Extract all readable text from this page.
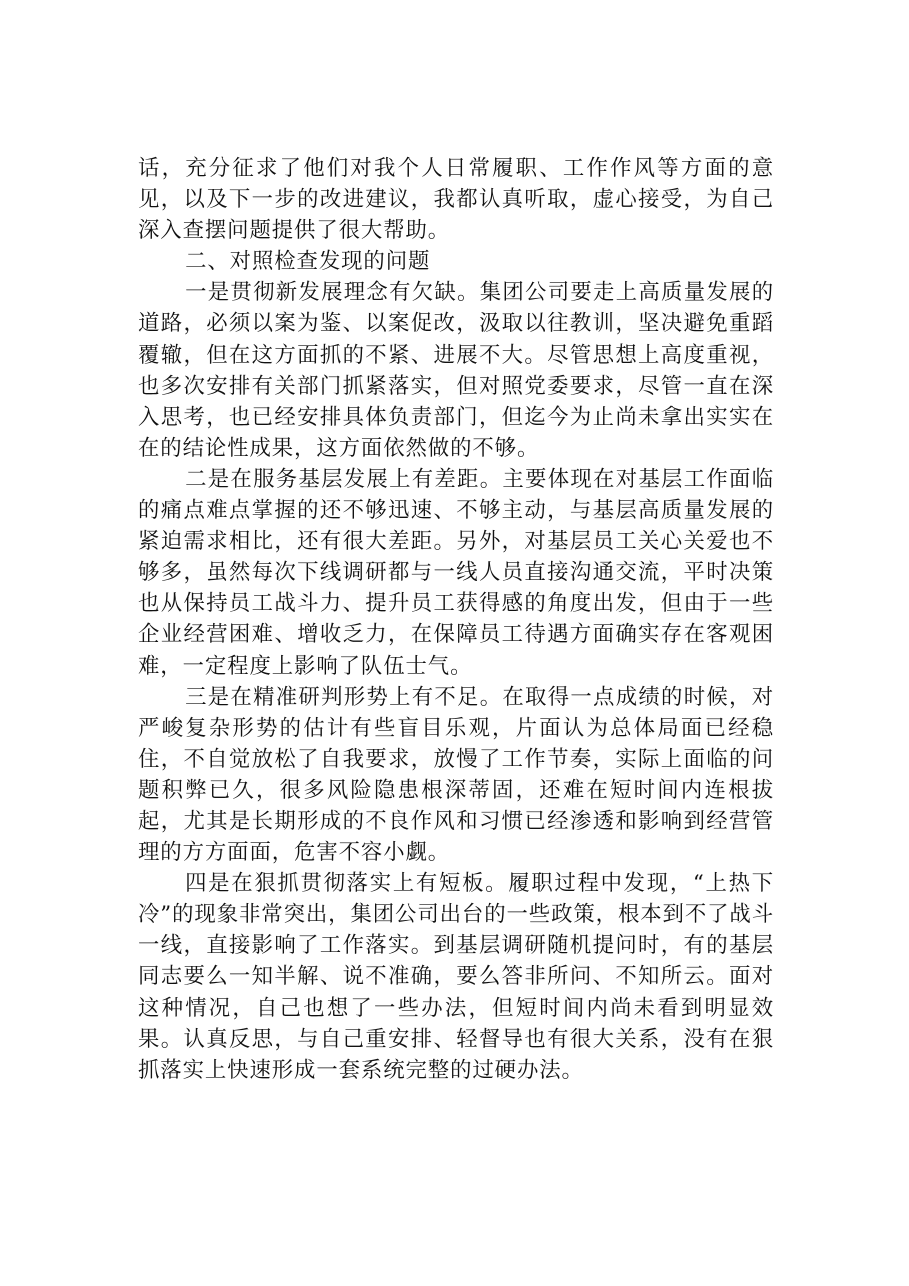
话，充分征求了他们对我个人日常履职、工作作风等方面的意见，以及下一步的改进建议，我都认真听取，虚心接受，为自己深入查摆问题提供了很大帮助。

二、对照检查发现的问题

一是贯彻新发展理念有欠缺。集团公司要走上高质量发展的道路，必须以案为鉴、以案促改，汲取以往教训，坚决避免重蹈覆辙，但在这方面抓的不紧、进展不大。尽管思想上高度重视，也多次安排有关部门抓紧落实，但对照党委要求，尽管一直在深入思考，也已经安排具体负责部门，但迄今为止尚未拿出实实在在的结论性成果，这方面依然做的不够。

二是在服务基层发展上有差距。主要体现在对基层工作面临的痛点难点掌握的还不够迅速、不够主动，与基层高质量发展的紧迫需求相比，还有很大差距。另外，对基层员工关心关爱也不够多，虽然每次下线调研都与一线人员直接沟通交流，平时决策也从保持员工战斗力、提升员工获得感的角度出发，但由于一些企业经营困难、增收乏力，在保障员工待遇方面确实存在客观困难，一定程度上影响了队伍士气。

三是在精准研判形势上有不足。在取得一点成绩的时候，对严峻复杂形势的估计有些盲目乐观，片面认为总体局面已经稳住，不自觉放松了自我要求，放慢了工作节奏，实际上面临的问题积弊已久，很多风险隐患根深蒂固，还难在短时间内连根拔起，尤其是长期形成的不良作风和习惯已经渗透和影响到经营管理的方方面面，危害不容小觑。

四是在狠抓贯彻落实上有短板。履职过程中发现，“上热下冷”的现象非常突出，集团公司出台的一些政策，根本到不了战斗一线，直接影响了工作落实。到基层调研随机提问时，有的基层同志要么一知半解、说不准确，要么答非所问、不知所云。面对这种情况，自己也想了一些办法，但短时间内尚未看到明显效果。认真反思，与自己重安排、轻督导也有很大关系，没有在狠抓落实上快速形成一套系统完整的过硬办法。
